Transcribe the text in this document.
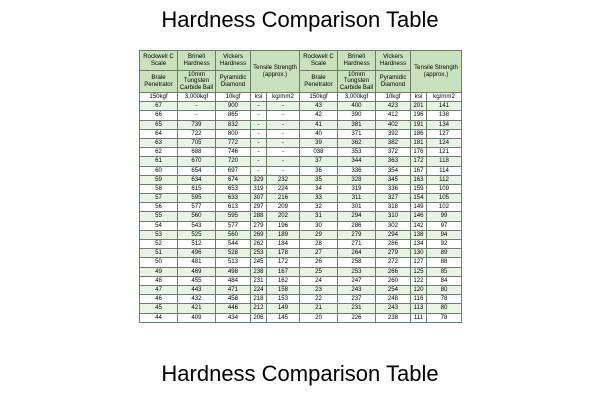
Hardness Comparison Table
Rockwell C Scale	Brinell Hardness	Vickers Hardness	Tensile Strength (approx.)		Rockwell C Scale	Brinell Hardness	Vickers Hardness	Tensile Strength (approx.)	
Brale Penetrator	10mm Tungsten Carbide Ball	Pyramidic Diamond			Brale Penetrator	10mm Tungsten Carbide Ball	Pyramidic Diamond		
150kgf	3,000kgf	10kgf	ksi	kg/mm2	150kgf	3,000kgf	10kgf	ksi	kg/mm2
67	-	900	-	-	43	400	423	201	141
66	-	865	-	-	42	390	412	196	138
65	739	832	-	-	41	381	402	191	134
64	722	800	-	-	40	371	392	186	127
63	705	772	-	-	39	362	382	181	124
62	688	746	-	-	038	353	372	176	121
61	670	720	-	-	37	344	363	172	118
60	654	697	-	-	36	336	354	167	114
59	634	674	329	232	35	328	345	163	112
58	615	653	319	224	34	319	336	159	109
57	595	633	307	216	33	311	327	154	105
56	577	613	297	209	32	301	318	149	102
55	560	595	288	202	31	294	310	146	99
54	543	577	279	196	30	286	302	142	97
53	525	560	269	189	29	279	294	138	94
52	512	544	262	184	28	271	286	134	92
51	496	528	253	178	27	264	279	130	89
50	481	513	245	172	26	258	272	127	88
49	469	498	238	167	25	253	266	125	85
48	455	484	231	162	24	247	260	122	84
47	443	471	224	158	23	243	254	120	80
46	432	458	218	153	22	237	248	116	78
45	421	446	212	149	21	231	243	113	80
44	409	434	206	145	20	226	238	111	78
Hardness Comparison Table
